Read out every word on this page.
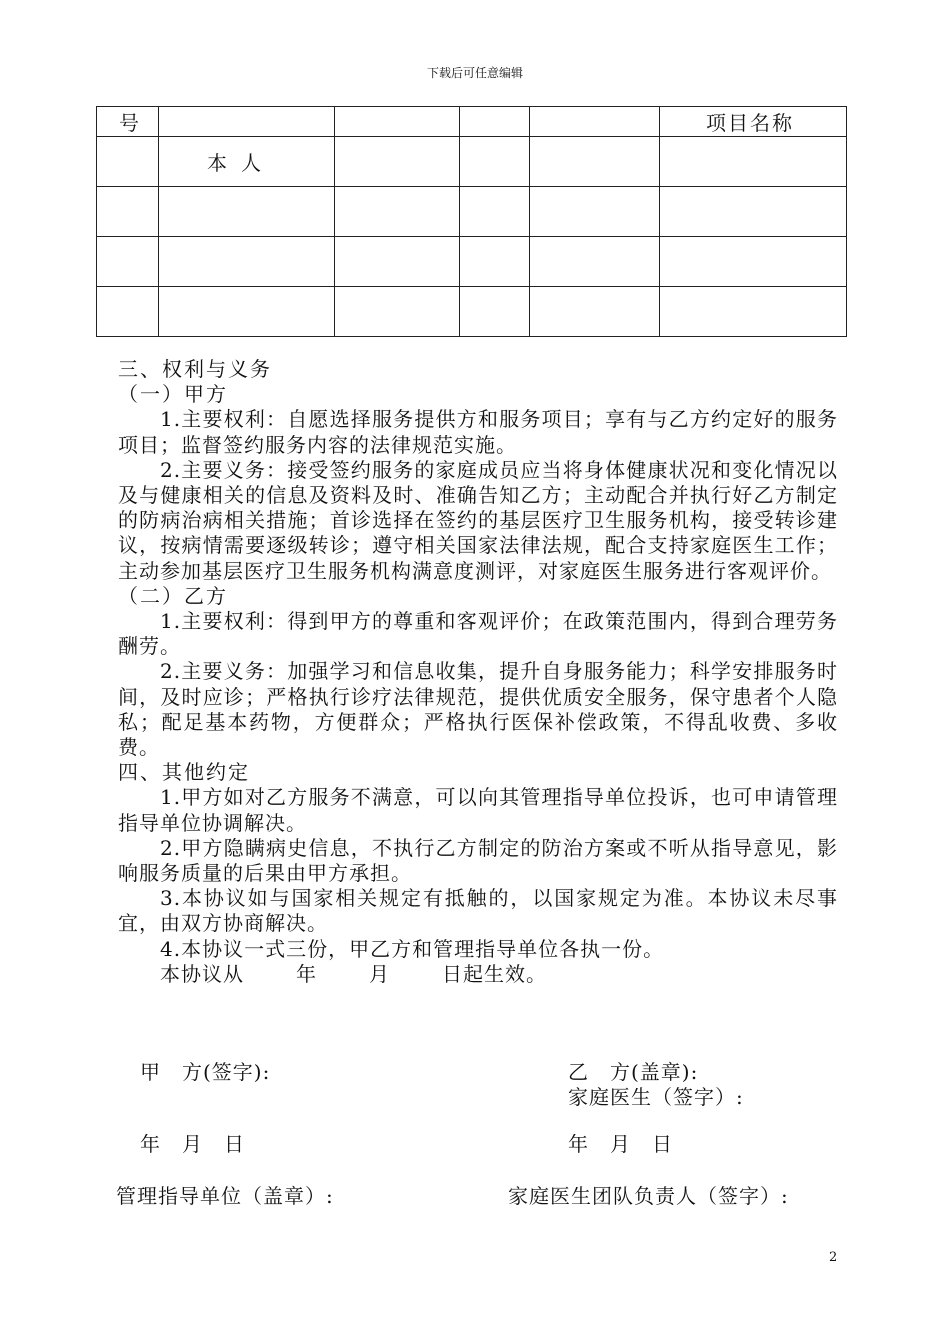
下载后可任意编辑
号					项目名称
	本人				

三、权利与义务

（一）甲方

1.主要权利：自愿选择服务提供方和服务项目；享有与乙方约定好的服务项目；监督签约服务内容的法律规范实施。

2.主要义务：接受签约服务的家庭成员应当将身体健康状况和变化情况以及与健康相关的信息及资料及时、准确告知乙方；主动配合并执行好乙方制定的防病治病相关措施；首诊选择在签约的基层医疗卫生服务机构，接受转诊建议，按病情需要逐级转诊；遵守相关国家法律法规，配合支持家庭医生工作；主动参加基层医疗卫生服务机构满意度测评，对家庭医生服务进行客观评价。

（二）乙方

1.主要权利：得到甲方的尊重和客观评价；在政策范围内，得到合理劳务酬劳。

2.主要义务：加强学习和信息收集，提升自身服务能力；科学安排服务时间，及时应诊；严格执行诊疗法律规范，提供优质安全服务，保守患者个人隐私；配足基本药物，方便群众；严格执行医保补偿政策，不得乱收费、多收费。

四、其他约定

1.甲方如对乙方服务不满意，可以向其管理指导单位投诉，也可申请管理指导单位协调解决。

2.甲方隐瞒病史信息，不执行乙方制定的防治方案或不听从指导意见，影响服务质量的后果由甲方承担。

3.本协议如与国家相关规定有抵触的，以国家规定为准。本协议未尽事宜，由双方协商解决。

4.本协议一式三份，甲乙方和管理指导单位各执一份。

本协议从	年	月	日起生效。

甲　方(签字):	乙　方(盖章):
家庭医生（签字）:
年　月　日	年　月　日
管理指导单位（盖章）:	家庭医生团队负责人（签字）:
2
